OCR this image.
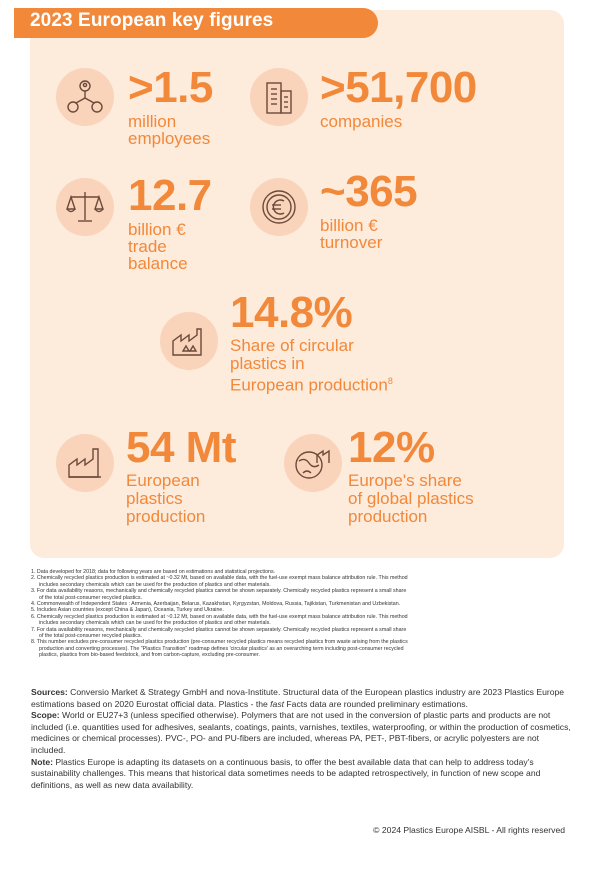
2023 European key figures
>1.5
million
employees
>51,700
companies
12.7
billion €
trade
balance
~365
billion €
turnover
14.8%
Share of circular
plastics in
European production$^8$
54 Mt
European
plastics
production
12%
Europe's share
of global plastics
production
1. Data developed for 2018; data for following years are based on estimations and statistical projections.
2. Chemically recycled plastics production is estimated at ~0.32 Mt, based on available data, with the fuel-use exempt mass balance attribution rule. This method
includes secondary chemicals which can be used for the production of plastics and other materials.
3. For data availability reasons, mechanically and chemically recycled plastics cannot be shown separately. Chemically recycled plastics represent a small share
of the total post-consumer recycled plastics.
4. Commonwealth of Independent States : Armenia, Azerbaijan, Belarus, Kazakhstan, Kyrgyzstan, Moldova, Russia, Tajikistan, Turkmenistan and Uzbekistan.
5. Includes Asian countries (except China & Japan), Oceania, Turkey and Ukraine.
6. Chemically recycled plastics production is estimated at ~0.12 Mt, based on available data, with the fuel-use exempt mass balance attribution rule. This method
includes secondary chemicals which can be used for the production of plastics and other materials.
7. For data availability reasons, mechanically and chemically recycled plastics cannot be shown separately. Chemically recycled plastics represent a small share
of the total post-consumer recycled plastics.
8. This number excludes pre-consumer recycled plastics production (pre-consumer recycled plastics means recycled plastics from waste arising from the plastics
production and converting processes). The "Plastics Transition" roadmap defines 'circular plastics' as an overarching term including post-consumer recycled
plastics, plastics from bio-based feedstock, and from carbon-capture, excluding pre-consumer.

Sources: Conversio Market & Strategy GmbH and nova-Institute. Structural data of the European plastics industry are 2023 Plastics Europe estimations based on 2020 Eurostat official data. Plastics - the fast Facts data are rounded preliminary estimations.

Scope: World or EU27+3 (unless specified otherwise). Polymers that are not used in the conversion of plastic parts and products are not included (i.e. quantities used for adhesives, sealants, coatings, paints, varnishes, textiles, waterproofing, or within the production of cosmetics, medicines or chemical processes). PVC-, PO- and PU-fibers are included, whereas PA, PET-, PBT-fibers, or acrylic polyesters are not included.

Note: Plastics Europe is adapting its datasets on a continuous basis, to offer the best available data that can help to address today's sustainability challenges. This means that historical data sometimes needs to be adapted retrospectively, in function of new scope and definitions, as well as new data availability.

© 2024 Plastics Europe AISBL - All rights reserved
